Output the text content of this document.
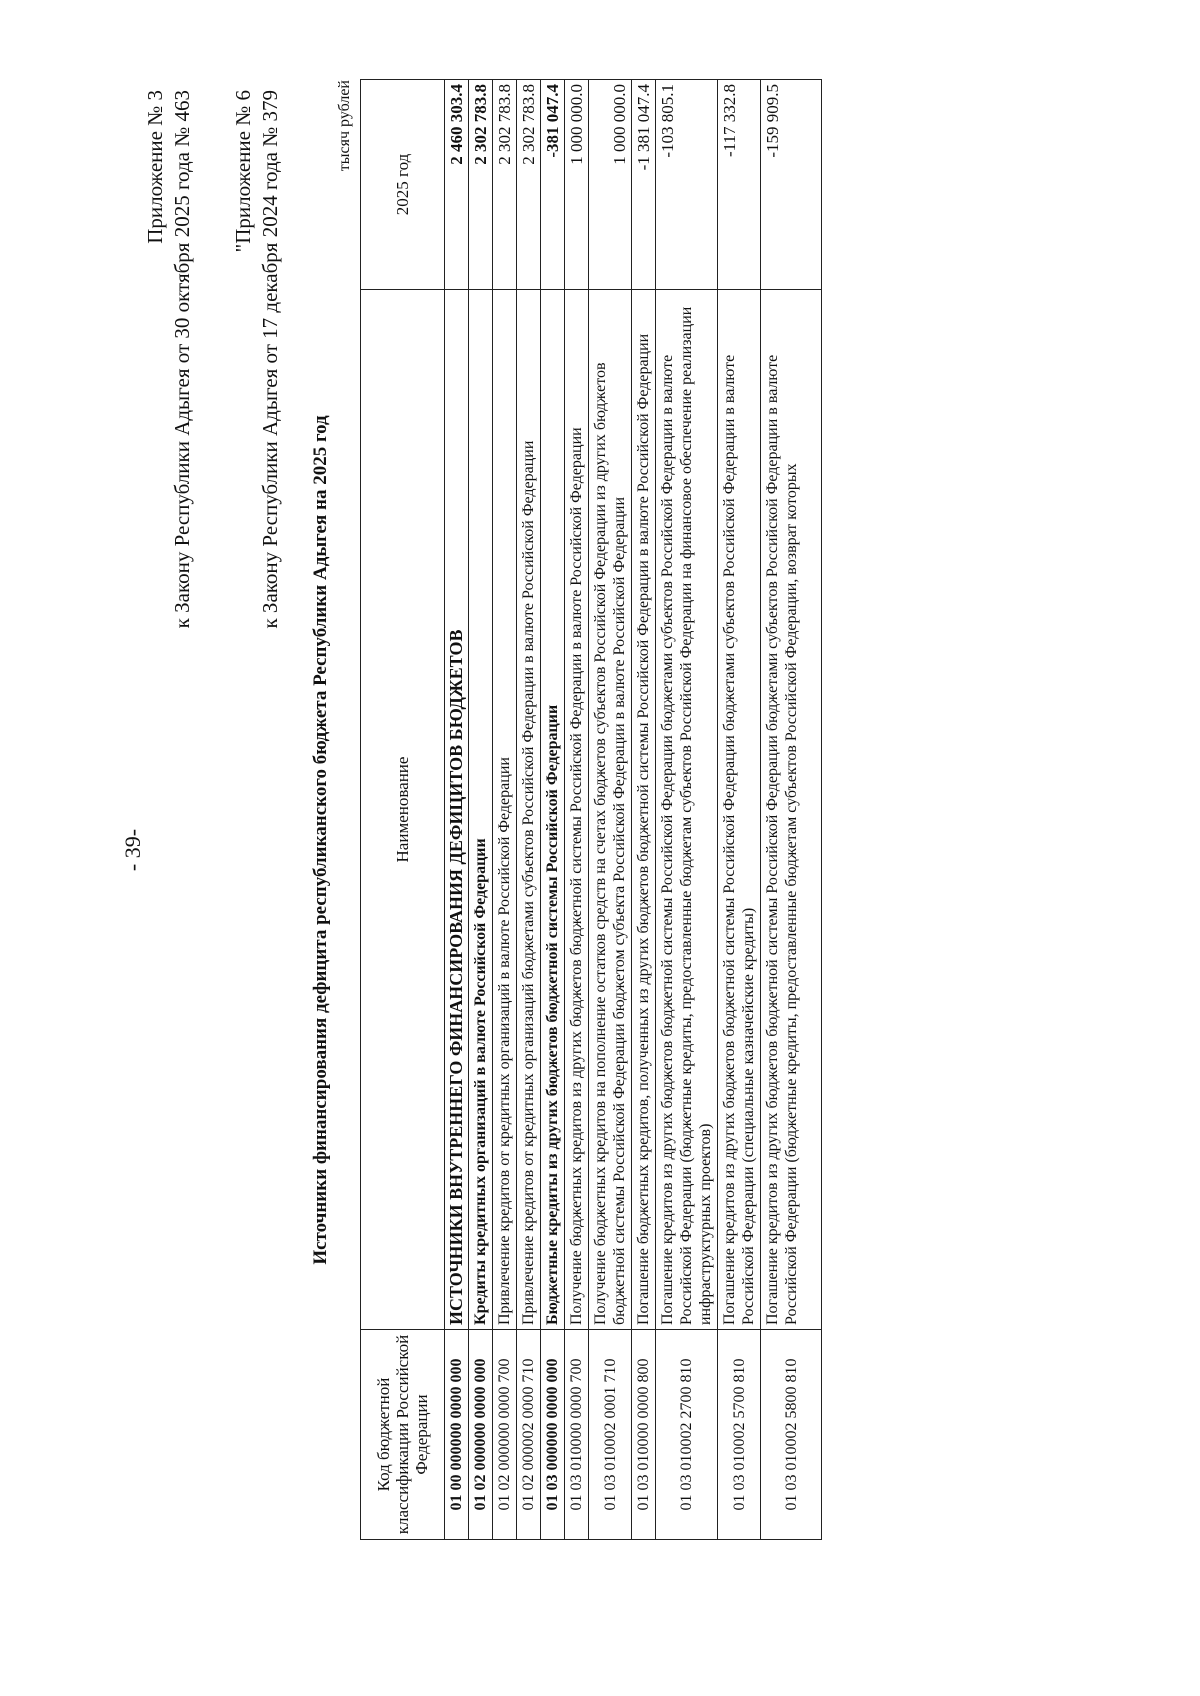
- 39-
Приложение № 3 к Закону Республики Адыгея от 30 октября 2025 года № 463 "Приложение № 6 к Закону Республики Адыгея от 17 декабря 2024 года № 379
Источники финансирования дефицита республиканского бюджета Республики Адыгея на 2025 год
тысяч рублей
Код бюджетной классификации Российской Федерации	Наименование	2025 год
01 00 000000 0000 000	ИСТОЧНИКИ ВНУТРЕННЕГО ФИНАНСИРОВАНИЯ ДЕФИЦИТОВ БЮДЖЕТОВ	2 460 303.4
01 02 000000 0000 000	Кредиты кредитных организаций в валюте Российской Федерации	2 302 783.8
01 02 000000 0000 700	Привлечение кредитов от кредитных организаций в валюте Российской Федерации	2 302 783.8
01 02 000002 0000 710	Привлечение кредитов от кредитных организаций бюджетами субъектов Российской Федерации в валюте Российской Федерации	2 302 783.8
01 03 000000 0000 000	Бюджетные кредиты из других бюджетов бюджетной системы Российской Федерации	-381 047.4
01 03 010000 0000 700	Получение бюджетных кредитов из других бюджетов бюджетной системы Российской Федерации в валюте Российской Федерации	1 000 000.0
01 03 010002 0001 710	Получение бюджетных кредитов на пополнение остатков средств на счетах бюджетов субъектов Российской Федерации из других бюджетов бюджетной системы Российской Федерации бюджетом субъекта Российской Федерации в валюте Российской Федерации	1 000 000.0
01 03 010000 0000 800	Погашение бюджетных кредитов, полученных из других бюджетов бюджетной системы Российской Федерации в валюте Российской Федерации	-1 381 047.4
01 03 010002 2700 810	Погашение кредитов из других бюджетов бюджетной системы Российской Федерации бюджетами субъектов Российской Федерации в валюте Российской Федерации (бюджетные кредиты, предоставленные бюджетам субъектов Российской Федерации на финансовое обеспечение реализации инфраструктурных проектов)	-103 805.1
01 03 010002 5700 810	Погашение кредитов из других бюджетов бюджетной системы Российской Федерации бюджетами субъектов Российской Федерации в валюте Российской Федерации (специальные казначейские кредиты)	-117 332.8
01 03 010002 5800 810	Погашение кредитов из других бюджетов бюджетной системы Российской Федерации бюджетами субъектов Российской Федерации в валюте Российской Федерации (бюджетные кредиты, предоставленные бюджетам субъектов Российской Федерации, возврат которых	-159 909.5
